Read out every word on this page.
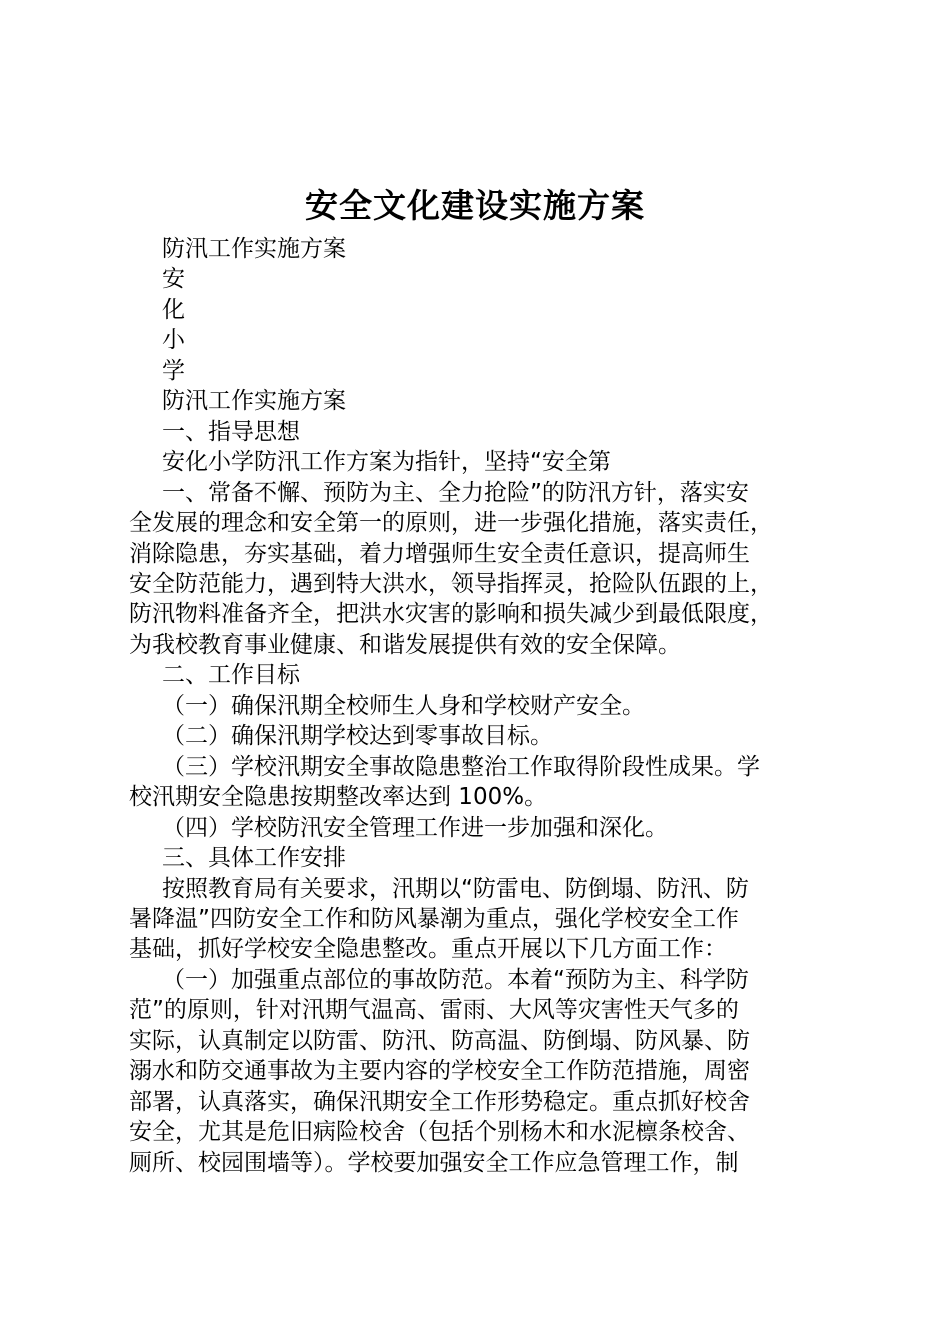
安全文化建设实施方案
防汛工作实施方案
安
化
小
学
防汛工作实施方案
一、指导思想
安化小学防汛工作方案为指针，坚持“安全第
一、常备不懈、预防为主、全力抢险”的防汛方针，落实安
全发展的理念和安全第一的原则，进一步强化措施，落实责任，
消除隐患，夯实基础，着力增强师生安全责任意识，提高师生
安全防范能力，遇到特大洪水，领导指挥灵，抢险队伍跟的上，
防汛物料准备齐全，把洪水灾害的影响和损失减少到最低限度，
为我校教育事业健康、和谐发展提供有效的安全保障。
二、工作目标
（一）确保汛期全校师生人身和学校财产安全。
（二）确保汛期学校达到零事故目标。
（三）学校汛期安全事故隐患整治工作取得阶段性成果。学
校汛期安全隐患按期整改率达到 100%。
（四）学校防汛安全管理工作进一步加强和深化。
三、具体工作安排
按照教育局有关要求，汛期以“防雷电、防倒塌、防汛、防
暑降温”四防安全工作和防风暴潮为重点，强化学校安全工作
基础，抓好学校安全隐患整改。重点开展以下几方面工作：
（一）加强重点部位的事故防范。本着“预防为主、科学防
范”的原则，针对汛期气温高、雷雨、大风等灾害性天气多的
实际，认真制定以防雷、防汛、防高温、防倒塌、防风暴、防
溺水和防交通事故为主要内容的学校安全工作防范措施，周密
部署，认真落实，确保汛期安全工作形势稳定。重点抓好校舍
安全，尤其是危旧病险校舍（包括个别杨木和水泥檩条校舍、
厕所、校园围墙等）。学校要加强安全工作应急管理工作，制
